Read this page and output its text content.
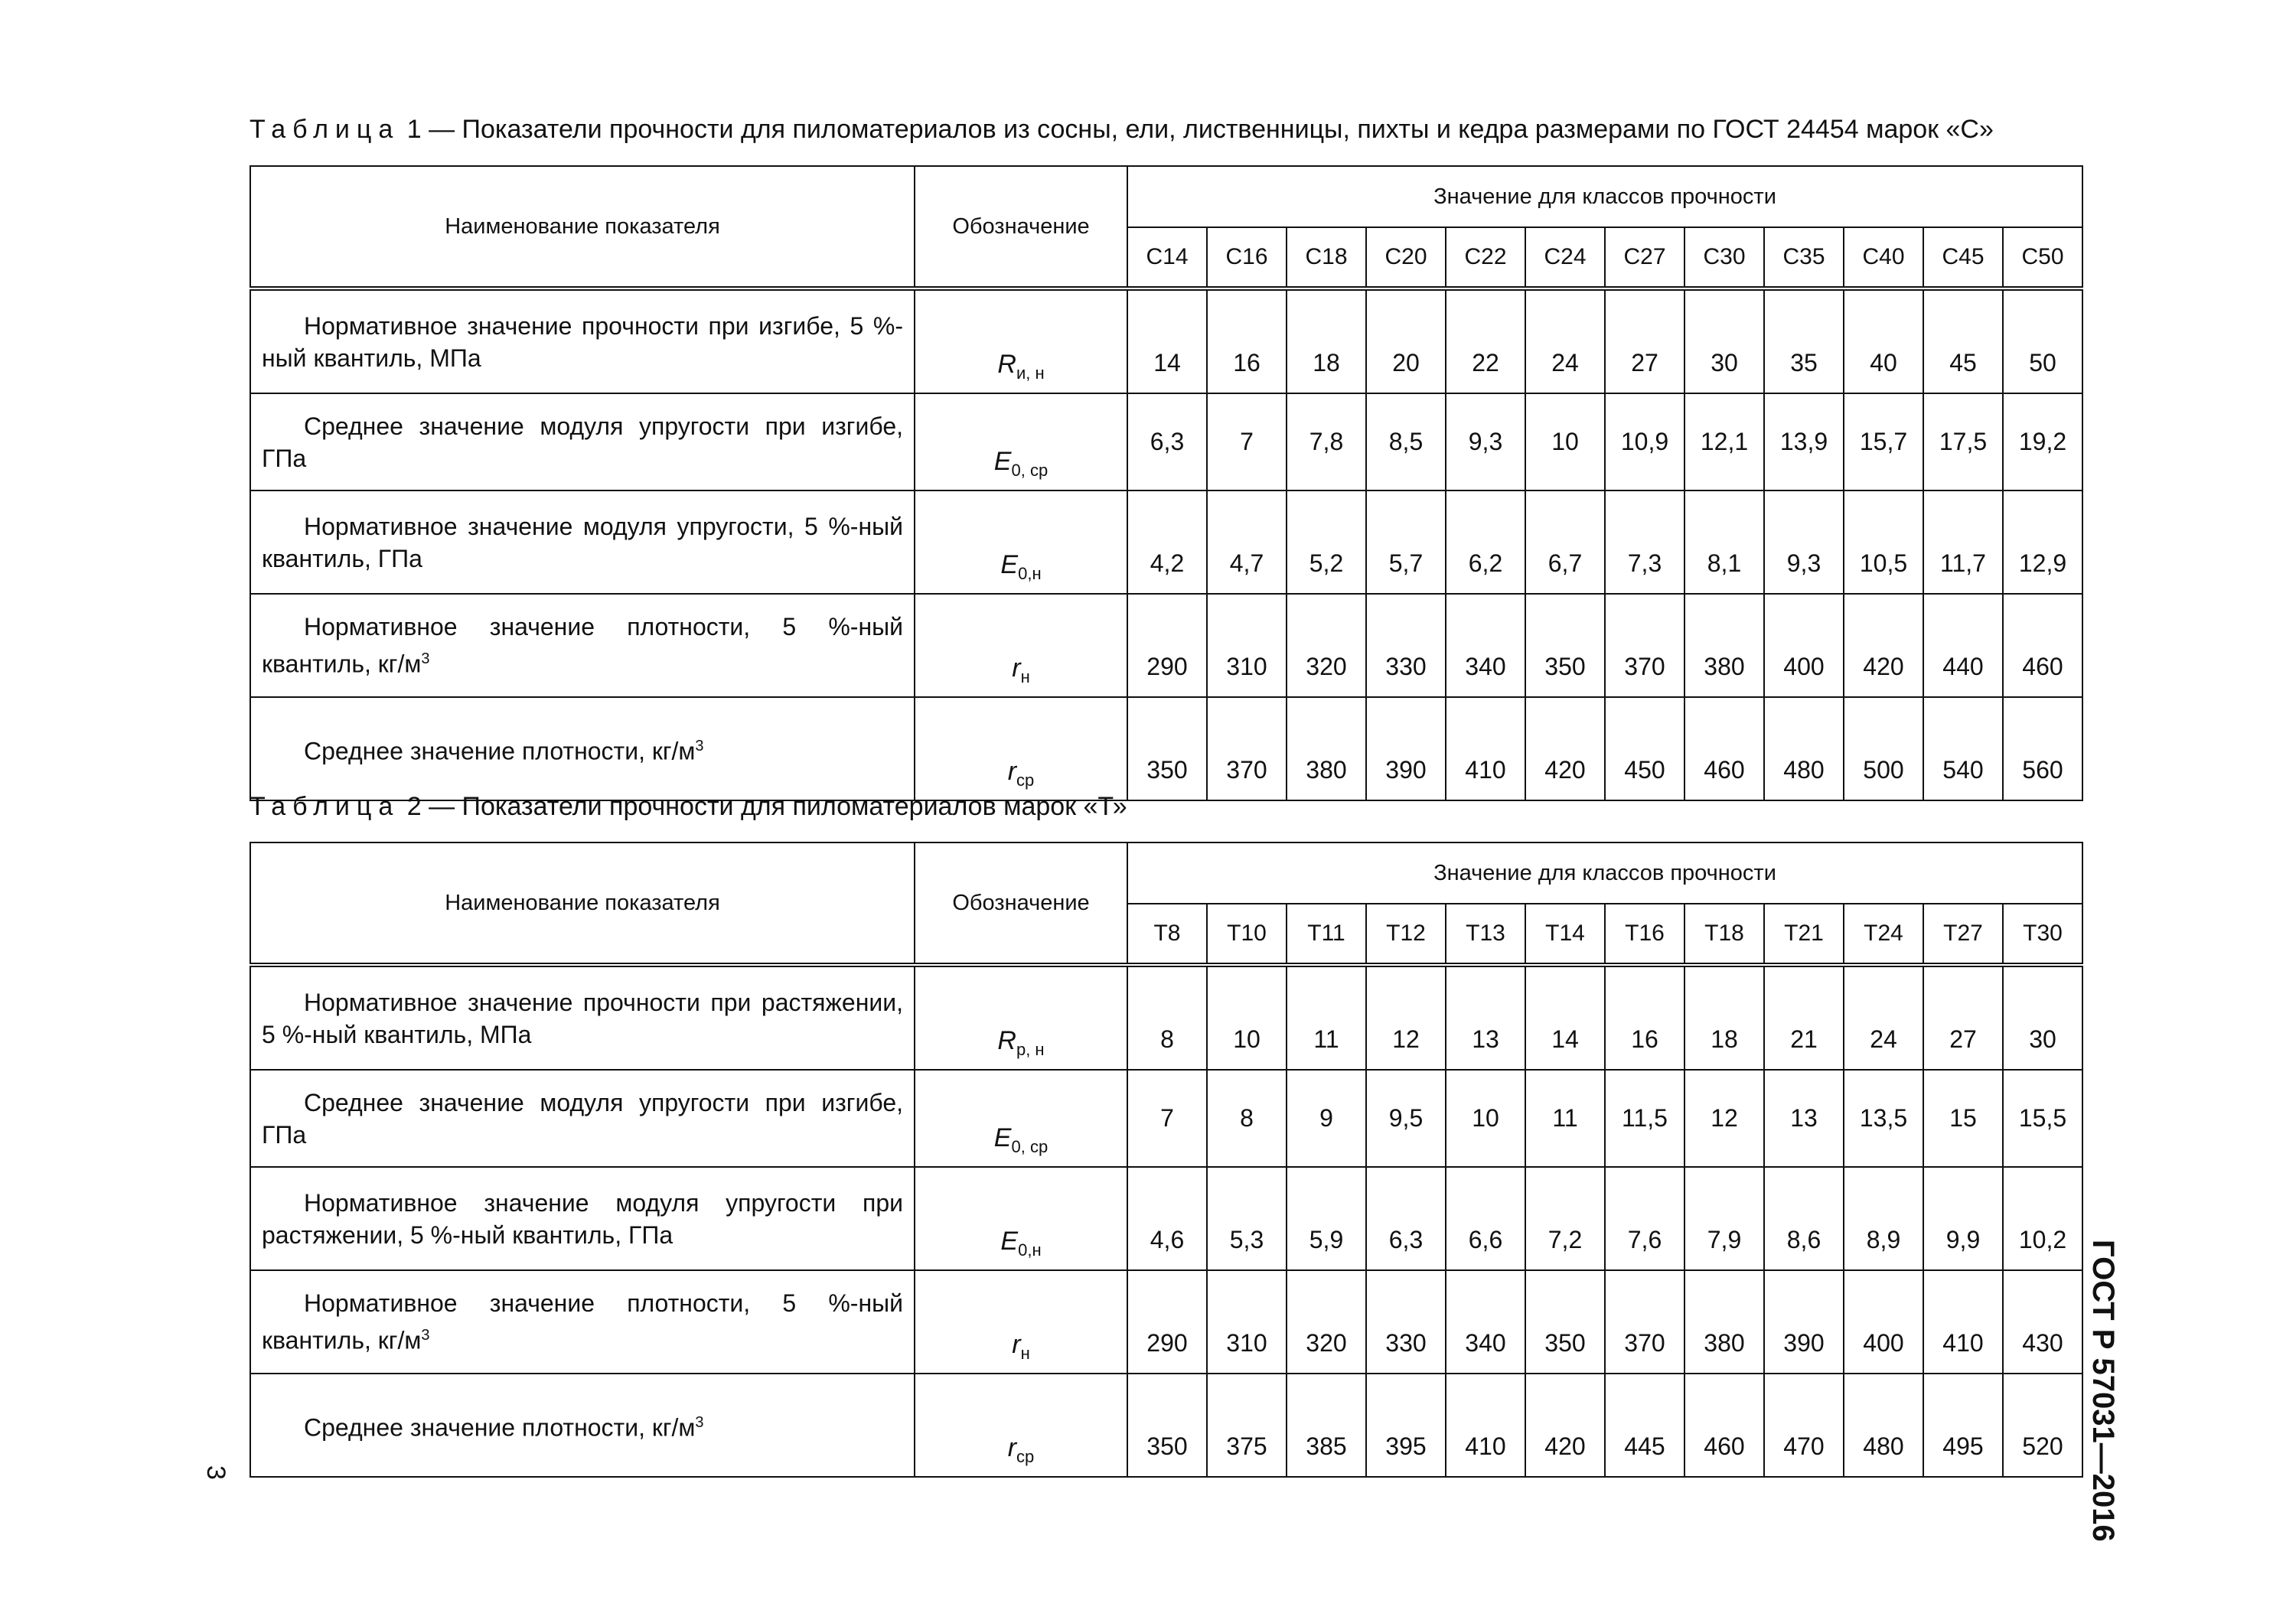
Таблица 1 — Показатели прочности для пиломатериалов из сосны, ели, лиственницы, пихты и кедра размерами по ГОСТ 24454 марок «С»
Наименование показателя	Обозначение	Значение для классов прочности											
		С14	С16	С18	С20	С22	С24	С27	С30	С35	С40	С45	С50
Нормативное значение прочности при изгибе, 5 %-ный квантиль, МПа	$R_{и, н}$	14	16	18	20	22	24	27	30	35	40	45	50
Среднее значение модуля упругости при изгибе, ГПа	$E_{0, ср}$	6,3	7	7,8	8,5	9,3	10	10,9	12,1	13,9	15,7	17,5	19,2
Нормативное значение модуля упругости, 5 %-ный квантиль, ГПа	$E_{0,н}$	4,2	4,7	5,2	5,7	6,2	6,7	7,3	8,1	9,3	10,5	11,7	12,9
Нормативное значение плотности, 5 %-ный квантиль, $кг/м^3$	$r_н$	290	310	320	330	340	350	370	380	400	420	440	460
Среднее значение плотности, $кг/м^3$	$r_{ср}$	350	370	380	390	410	420	450	460	480	500	540	560
Таблица 2 — Показатели прочности для пиломатериалов марок «Т»
Наименование показателя	Обозначение	Значение для классов прочности											
		Т8	Т10	Т11	Т12	Т13	Т14	Т16	Т18	Т21	Т24	Т27	Т30
Нормативное значение прочности при растяжении, 5 %-ный квантиль, МПа	$R_{р, н}$	8	10	11	12	13	14	16	18	21	24	27	30
Среднее значение модуля упругости при изгибе, ГПа	$E_{0, ср}$	7	8	9	9,5	10	11	11,5	12	13	13,5	15	15,5
Нормативное значение модуля упругости при растяжении, 5 %-ный квантиль, ГПа	$E_{0,н}$	4,6	5,3	5,9	6,3	6,6	7,2	7,6	7,9	8,6	8,9	9,9	10,2
Нормативное значение плотности, 5 %-ный квантиль, $кг/м^3$	$r_н$	290	310	320	330	340	350	370	380	390	400	410	430
Среднее значение плотности, $кг/м^3$	$r_{ср}$	350	375	385	395	410	420	445	460	470	480	495	520 ГОСТ Р 57031—2016
3
